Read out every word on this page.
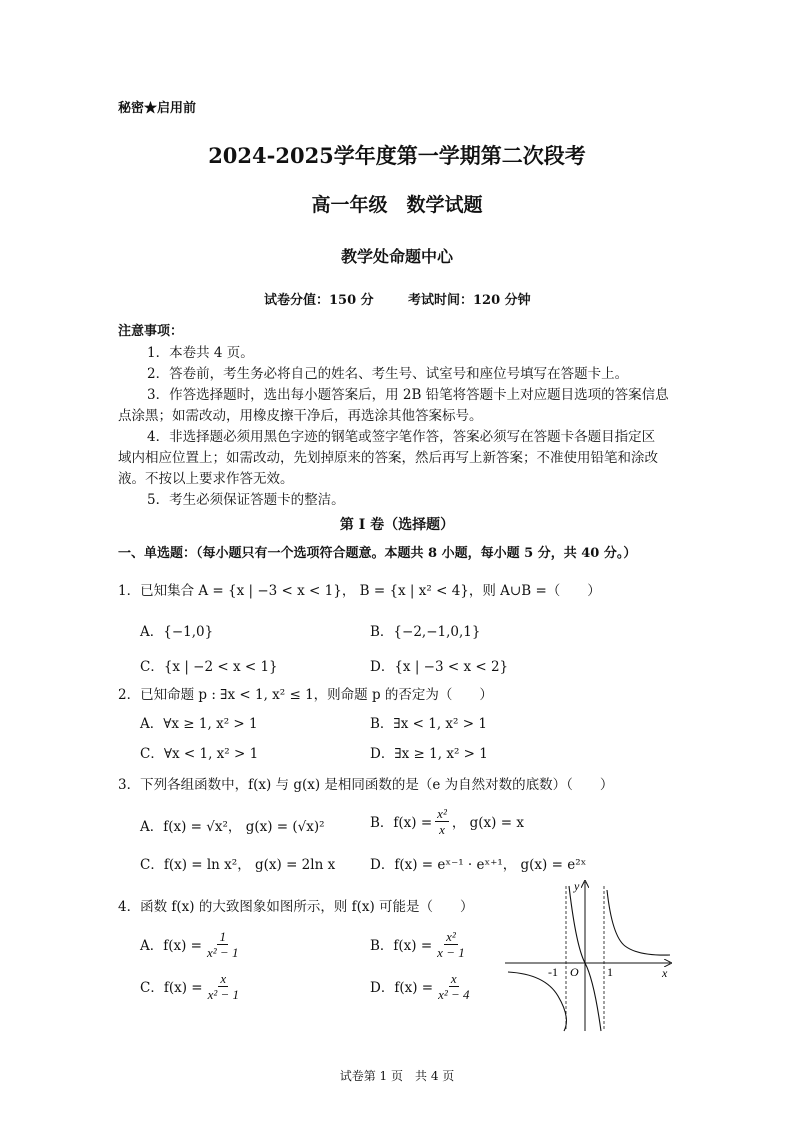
秘密★启用前
2024-2025学年度第一学期第二次段考
高一年级　数学试题
教学处命题中心
试卷分值：150 分	考试时间：120 分钟
注意事项：
1．本卷共 4 页。
2．答卷前，考生务必将自己的姓名、考生号、试室号和座位号填写在答题卡上。
3．作答选择题时，选出每小题答案后，用 2B 铅笔将答题卡上对应题目选项的答案信息
点涂黑；如需改动，用橡皮擦干净后，再选涂其他答案标号。
4．非选择题必须用黑色字迹的钢笔或签字笔作答，答案必须写在答题卡各题目指定区
域内相应位置上；如需改动，先划掉原来的答案，然后再写上新答案；不准使用铅笔和涂改
液。不按以上要求作答无效。
5．考生必须保证答题卡的整洁。
第 I 卷（选择题）
一、单选题：（每小题只有一个选项符合题意。本题共 8 小题，每小题 5 分，共 40 分。）
1．已知集合 A = {x | −3 < x < 1}， B = {x | x² < 4}，则 A∪B =（　　）
A．{−1,0}	B．{−2,−1,0,1}
C．{x | −2 < x < 1}	D．{x | −3 < x < 2}
2．已知命题 p : ∃x < 1, x² ≤ 1，则命题 p 的否定为（　　）
A．∀x ≥ 1, x² > 1	B．∃x < 1, x² > 1
C．∀x < 1, x² > 1	D．∃x ≥ 1, x² > 1
3．下列各组函数中，f(x) 与 g(x) 是相同函数的是（e 为自然对数的底数）（　　）
A．f(x) = √x²， g(x) = (√x)²	B．$f(x) = \frac{\text{x²}}{x}$ ， g(x) = x
C．f(x) = ln x²， g(x) = 2ln x	D．f(x) = eˣ⁻¹ · eˣ⁺¹， g(x) = e²ˣ
4．函数 f(x) 的大致图象如图所示，则 f(x) 可能是（　　）
A．$f(x) = \frac{1}{\text{x² − 1}}$	B．$f(x) = \frac{\text{x²}}{x - 1}$
C．$f(x) = \frac{x}{\text{x² − 1}}$	D．$f(x) = \frac{x}{\text{x² − 4}}$
y
x
O
-1	1
试卷第 1 页　共 4 页
